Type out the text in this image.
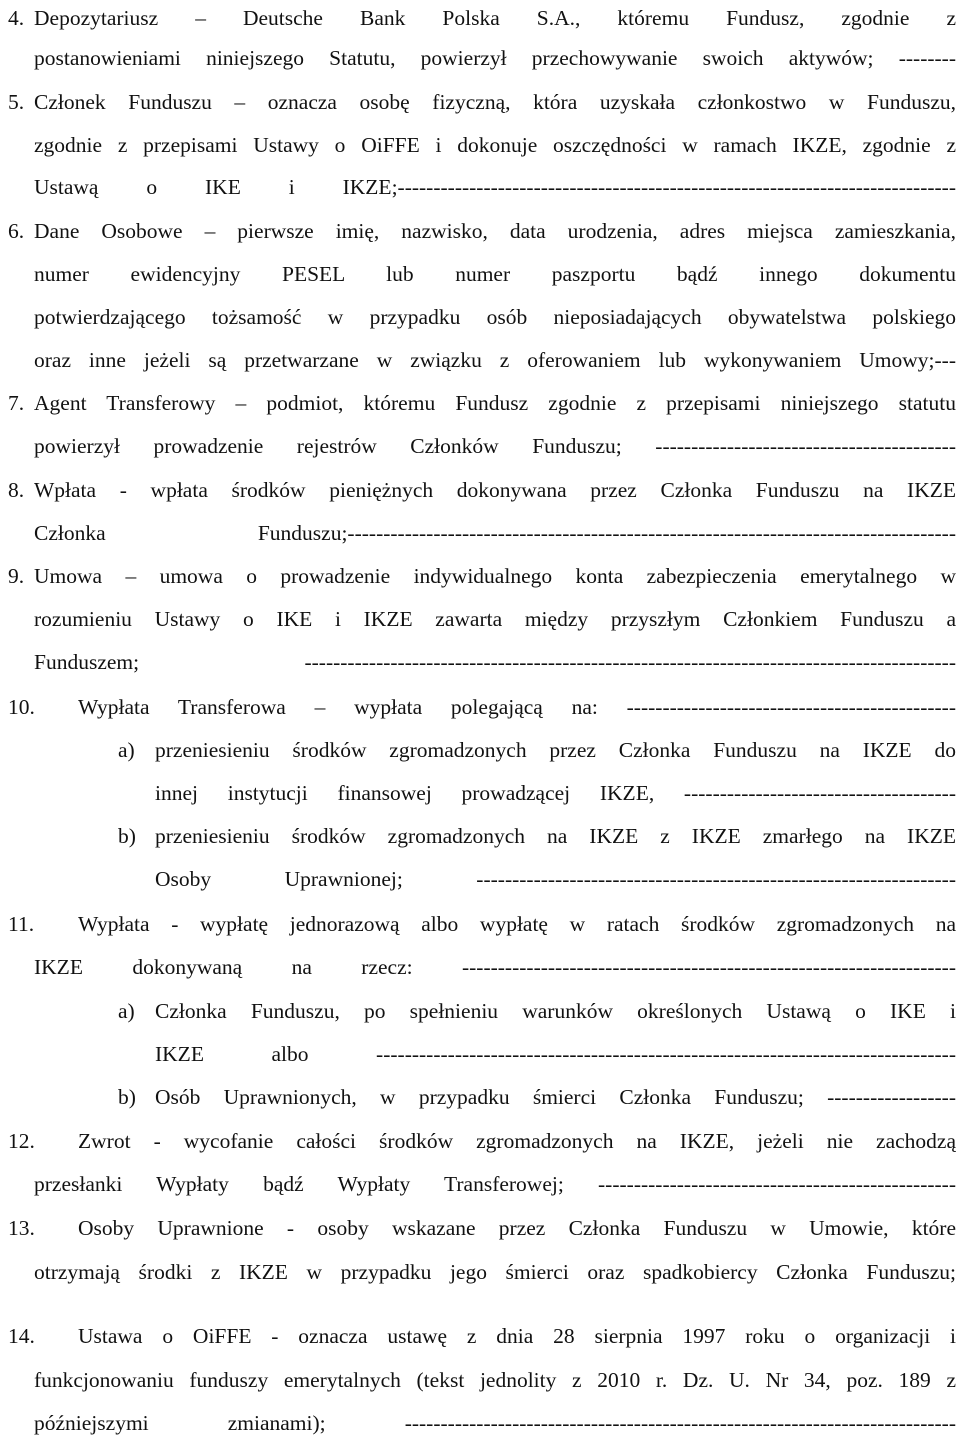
4. Depozytariusz – Deutsche Bank Polska S.A., któremu Fundusz, zgodnie z
postanowieniami niniejszego Statutu, powierzył przechowywanie swoich aktywów; --------
5. Członek Funduszu – oznacza osobę fizyczną, która uzyskała członkostwo w Funduszu,
zgodnie z przepisami Ustawy o OiFFE i dokonuje oszczędności w ramach IKZE, zgodnie z
Ustawą o IKE i IKZE;------------------------------------------------------------------------------
6. Dane Osobowe – pierwsze imię, nazwisko, data urodzenia, adres miejsca zamieszkania,
numer ewidencyjny PESEL lub numer paszportu bądź innego dokumentu
potwierdzającego tożsamość w przypadku osób nieposiadających obywatelstwa polskiego
oraz inne jeżeli są przetwarzane w związku z oferowaniem lub wykonywaniem Umowy;---
7. Agent Transferowy – podmiot, któremu Fundusz zgodnie z przepisami niniejszego statutu
powierzył prowadzenie rejestrów Członków Funduszu; ------------------------------------------
8. Wpłata - wpłata środków pieniężnych dokonywana przez Członka Funduszu na IKZE
Członka Funduszu;-------------------------------------------------------------------------------------
9. Umowa – umowa o prowadzenie indywidualnego konta zabezpieczenia emerytalnego w
rozumieniu Ustawy o IKE i IKZE zawarta między przyszłym Członkiem Funduszu a
Funduszem; -------------------------------------------------------------------------------------------
10. Wypłata Transferowa – wypłata polegającą na: ----------------------------------------------
a) przeniesieniu środków zgromadzonych przez Członka Funduszu na IKZE do
innej instytucji finansowej prowadzącej IKZE, --------------------------------------
b) przeniesieniu środków zgromadzonych na IKZE z IKZE zmarłego na IKZE
Osoby Uprawnionej; -------------------------------------------------------------------
11. Wypłata - wypłatę jednorazową albo wypłatę w ratach środków zgromadzonych na
IKZE dokonywaną na rzecz: ---------------------------------------------------------------------
a) Członka Funduszu, po spełnieniu warunków określonych Ustawą o IKE i
IKZE albo ---------------------------------------------------------------------------------
b) Osób Uprawnionych, w przypadku śmierci Członka Funduszu; ------------------
12. Zwrot - wycofanie całości środków zgromadzonych na IKZE, jeżeli nie zachodzą
przesłanki Wypłaty bądź Wypłaty Transferowej; --------------------------------------------------
13. Osoby Uprawnione - osoby wskazane przez Członka Funduszu w Umowie, które
otrzymają środki z IKZE w przypadku jego śmierci oraz spadkobiercy Członka Funduszu;
14. Ustawa o OiFFE - oznacza ustawę z dnia 28 sierpnia 1997 roku o organizacji i
funkcjonowaniu funduszy emerytalnych (tekst jednolity z 2010 r. Dz. U. Nr 34, poz. 189 z
późniejszymi zmianami); -----------------------------------------------------------------------------
